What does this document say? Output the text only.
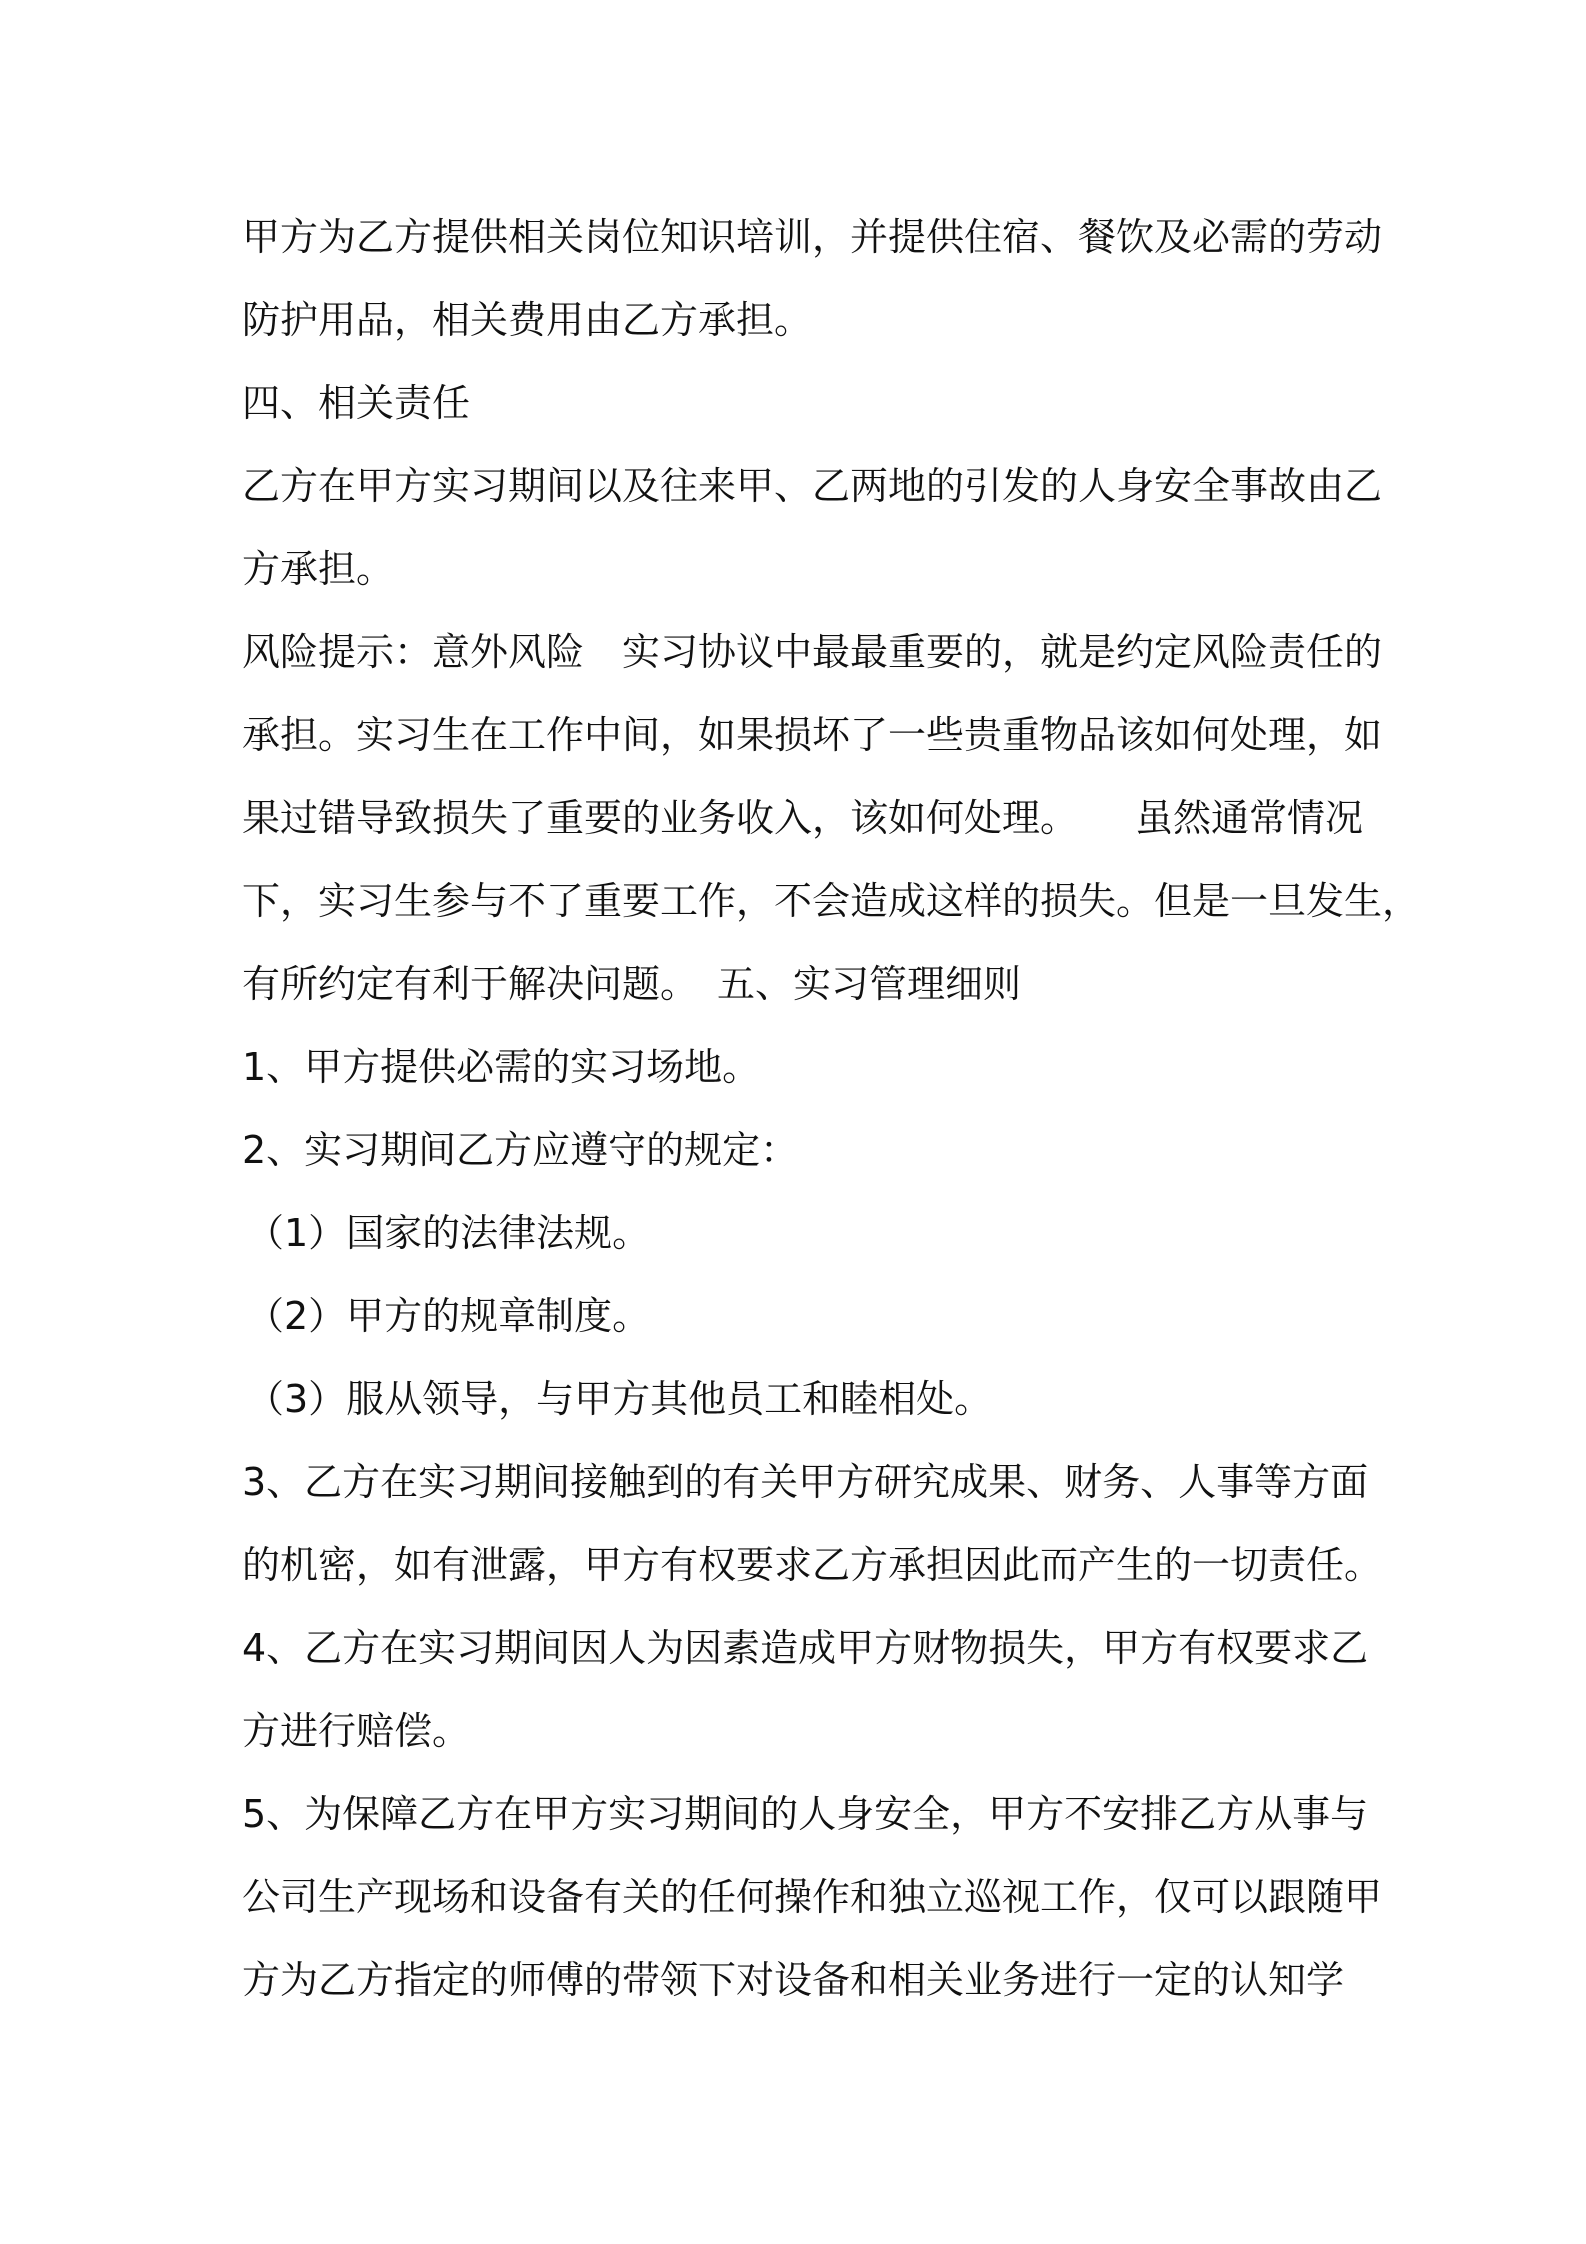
甲方为乙方提供相关岗位知识培训，并提供住宿、餐饮及必需的劳动
防护用品，相关费用由乙方承担。
四、相关责任
乙方在甲方实习期间以及往来甲、乙两地的引发的人身安全事故由乙
方承担。
风险提示：意外风险　实习协议中最最重要的，就是约定风险责任的
承担。实习生在工作中间，如果损坏了一些贵重物品该如何处理，如
果过错导致损失了重要的业务收入，该如何处理。　　虽然通常情况
下，实习生参与不了重要工作，不会造成这样的损失。但是一旦发生，
有所约定有利于解决问题。　五、实习管理细则
1、甲方提供必需的实习场地。
2、实习期间乙方应遵守的规定：
（1）国家的法律法规。
（2）甲方的规章制度。
（3）服从领导，与甲方其他员工和睦相处。
3、乙方在实习期间接触到的有关甲方研究成果、财务、人事等方面
的机密，如有泄露，甲方有权要求乙方承担因此而产生的一切责任。
4、乙方在实习期间因人为因素造成甲方财物损失，甲方有权要求乙
方进行赔偿。
5、为保障乙方在甲方实习期间的人身安全，甲方不安排乙方从事与
公司生产现场和设备有关的任何操作和独立巡视工作，仅可以跟随甲
方为乙方指定的师傅的带领下对设备和相关业务进行一定的认知学
